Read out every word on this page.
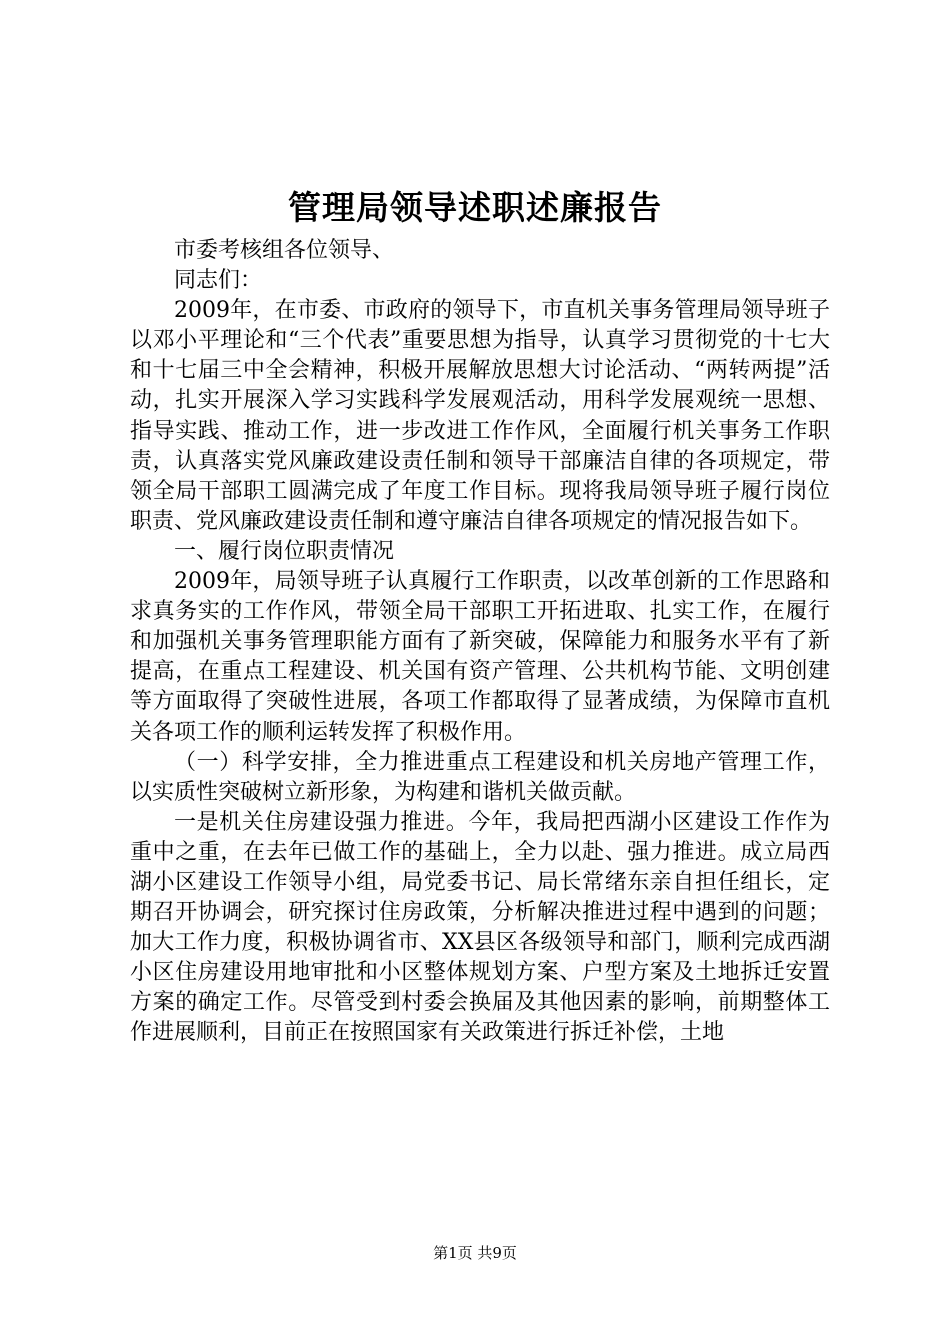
管理局领导述职述廉报告

市委考核组各位领导、

同志们：

2009年，在市委、市政府的领导下，市直机关事务管理局领导班子以邓小平理论和“三个代表”重要思想为指导，认真学习贯彻党的十七大和十七届三中全会精神，积极开展解放思想大讨论活动、“两转两提”活动，扎实开展深入学习实践科学发展观活动，用科学发展观统一思想、指导实践、推动工作，进一步改进工作作风，全面履行机关事务工作职责，认真落实党风廉政建设责任制和领导干部廉洁自律的各项规定，带领全局干部职工圆满完成了年度工作目标。现将我局领导班子履行岗位职责、党风廉政建设责任制和遵守廉洁自律各项规定的情况报告如下。

一、履行岗位职责情况

2009年，局领导班子认真履行工作职责，以改革创新的工作思路和求真务实的工作作风，带领全局干部职工开拓进取、扎实工作，在履行和加强机关事务管理职能方面有了新突破，保障能力和服务水平有了新提高，在重点工程建设、机关国有资产管理、公共机构节能、文明创建等方面取得了突破性进展，各项工作都取得了显著成绩，为保障市直机关各项工作的顺利运转发挥了积极作用。

（一）科学安排，全力推进重点工程建设和机关房地产管理工作，以实质性突破树立新形象，为构建和谐机关做贡献。

一是机关住房建设强力推进。今年，我局把西湖小区建设工作作为重中之重，在去年已做工作的基础上，全力以赴、强力推进。成立局西湖小区建设工作领导小组，局党委书记、局长常绪东亲自担任组长，定期召开协调会，研究探讨住房政策，分析解决推进过程中遇到的问题；加大工作力度，积极协调省市、XX县区各级领导和部门，顺利完成西湖小区住房建设用地审批和小区整体规划方案、户型方案及土地拆迁安置方案的确定工作。尽管受到村委会换届及其他因素的影响，前期整体工作进展顺利，目前正在按照国家有关政策进行拆迁补偿，土地

第1页 共9页
